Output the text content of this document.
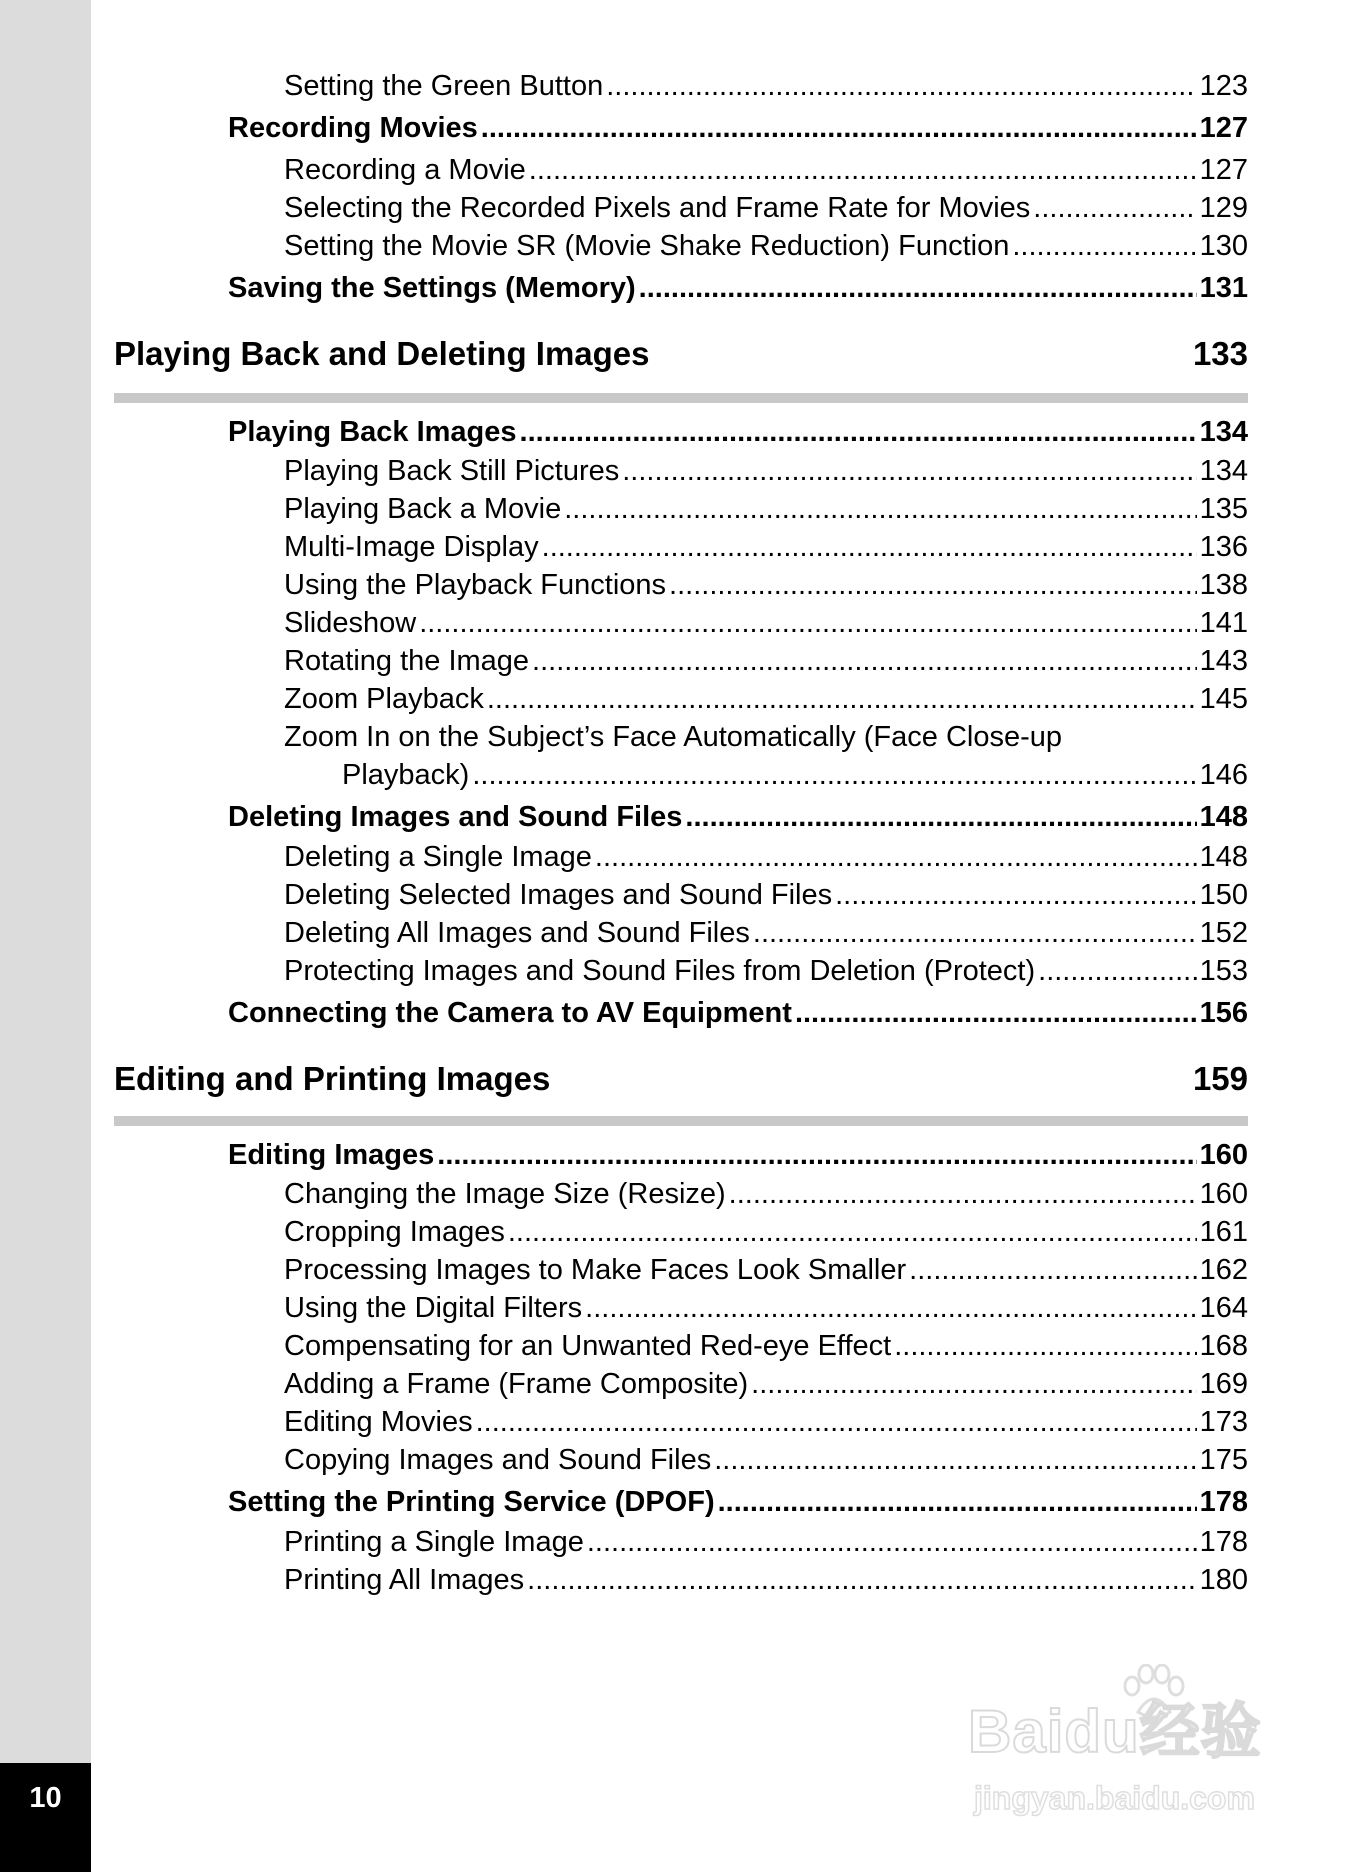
10
Setting the Green Button .....	123
Recording Movies .....	127
Recording a Movie .....	127
Selecting the Recorded Pixels and Frame Rate for Movies .....	129
Setting the Movie SR (Movie Shake Reduction) Function .....	130
Saving the Settings (Memory) .....	131
Playing Back and Deleting Images	133
Playing Back Images .....	134
Playing Back Still Pictures .....	134
Playing Back a Movie .....	135
Multi-Image Display .....	136
Using the Playback Functions .....	138
Slideshow .....	141
Rotating the Image .....	143
Zoom Playback .....	145
Zoom In on the Subject’s Face Automatically (Face Close-up
Playback) .....	146
Deleting Images and Sound Files .....	148
Deleting a Single Image .....	148
Deleting Selected Images and Sound Files .....	150
Deleting All Images and Sound Files .....	152
Protecting Images and Sound Files from Deletion (Protect) .....	153
Connecting the Camera to AV Equipment .....	156
Editing and Printing Images	159
Editing Images .....	160
Changing the Image Size (Resize) .....	160
Cropping Images .....	161
Processing Images to Make Faces Look Smaller .....	162
Using the Digital Filters .....	164
Compensating for an Unwanted Red-eye Effect .....	168
Adding a Frame (Frame Composite) .....	169
Editing Movies .....	173
Copying Images and Sound Files .....	175
Setting the Printing Service (DPOF) .....	178
Printing a Single Image .....	178
Printing All Images .....	180
Baidu经验
jingyan.baidu.com
